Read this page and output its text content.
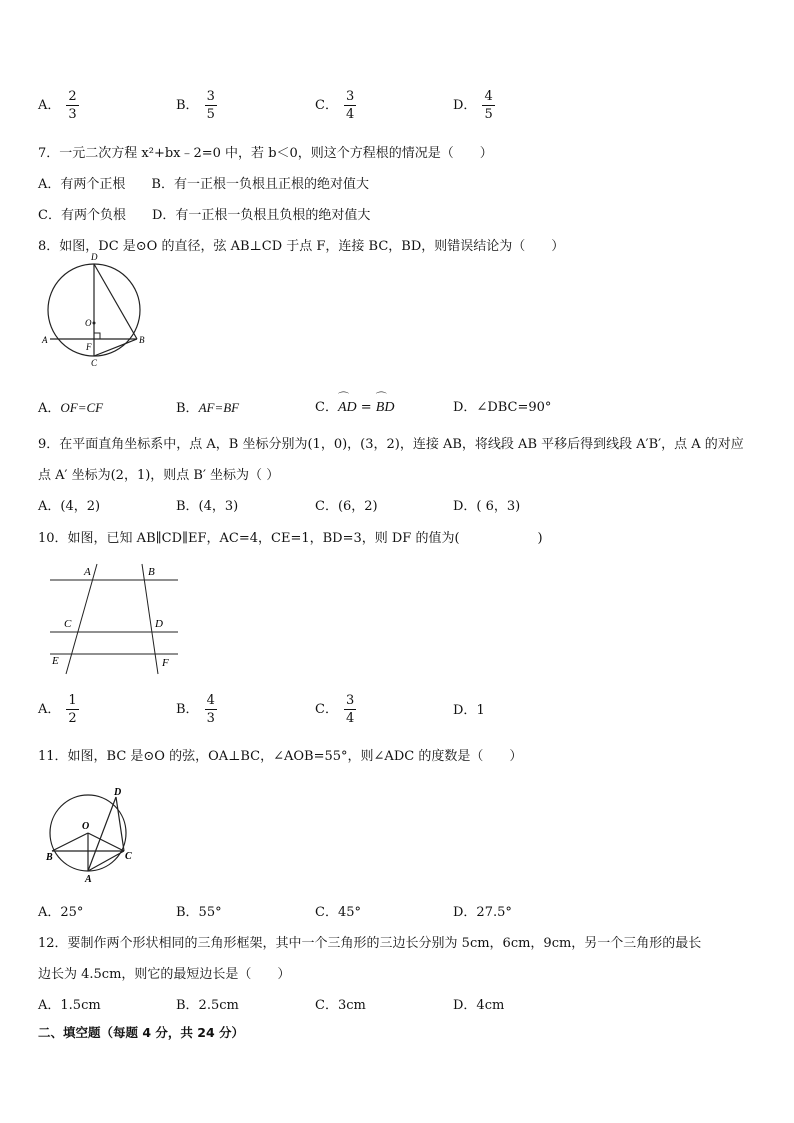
A． $\frac{2}{3}$	B． $\frac{3}{5}$	C． $\frac{3}{4}$	D． $\frac{4}{5}$
7．一元二次方程 x²+bx﹣2=0 中，若 b＜0，则这个方程根的情况是（　　）
A．有两个正根　　B．有一正根一负根且正根的绝对值大
C．有两个负根　　D．有一正根一负根且负根的绝对值大
8．如图，DC 是⊙O 的直径，弦 AB⊥CD 于点 F，连接 BC，BD，则错误结论为（　　）
D
O
A
F
B
C
A．OF=CF	B．AF=BF	C．⌒ AD = ⌒ BD	D．∠DBC=90°
9．在平面直角坐标系中，点 A，B 坐标分别为(1，0)，(3，2)，连接 AB，将线段 AB 平移后得到线段 A′B′，点 A 的对应
点 A′ 坐标为(2，1)，则点 B′ 坐标为（ ）
A．(4，2)	B．(4，3)	C．(6，2)	D．( 6，3)
10．如图，已知 AB∥CD∥EF，AC=4，CE=1，BD=3，则 DF 的值为(　　　　　　)
A	B
C	D
E	F
A． $\frac{1}{2}$	B． $\frac{4}{3}$	C． $\frac{3}{4}$	D．1
11．如图，BC 是⊙O 的弦，OA⊥BC，∠AOB=55°，则∠ADC 的度数是（　　）
D
O
B	C
A
A．25°	B．55°	C．45°	D．27.5°
12．要制作两个形状相同的三角形框架，其中一个三角形的三边长分别为 5cm，6cm，9cm，另一个三角形的最长
边长为 4.5cm，则它的最短边长是（　　）
A．1.5cm	B．2.5cm	C．3cm	D．4cm
二、填空题（每题 4 分，共 24 分）
